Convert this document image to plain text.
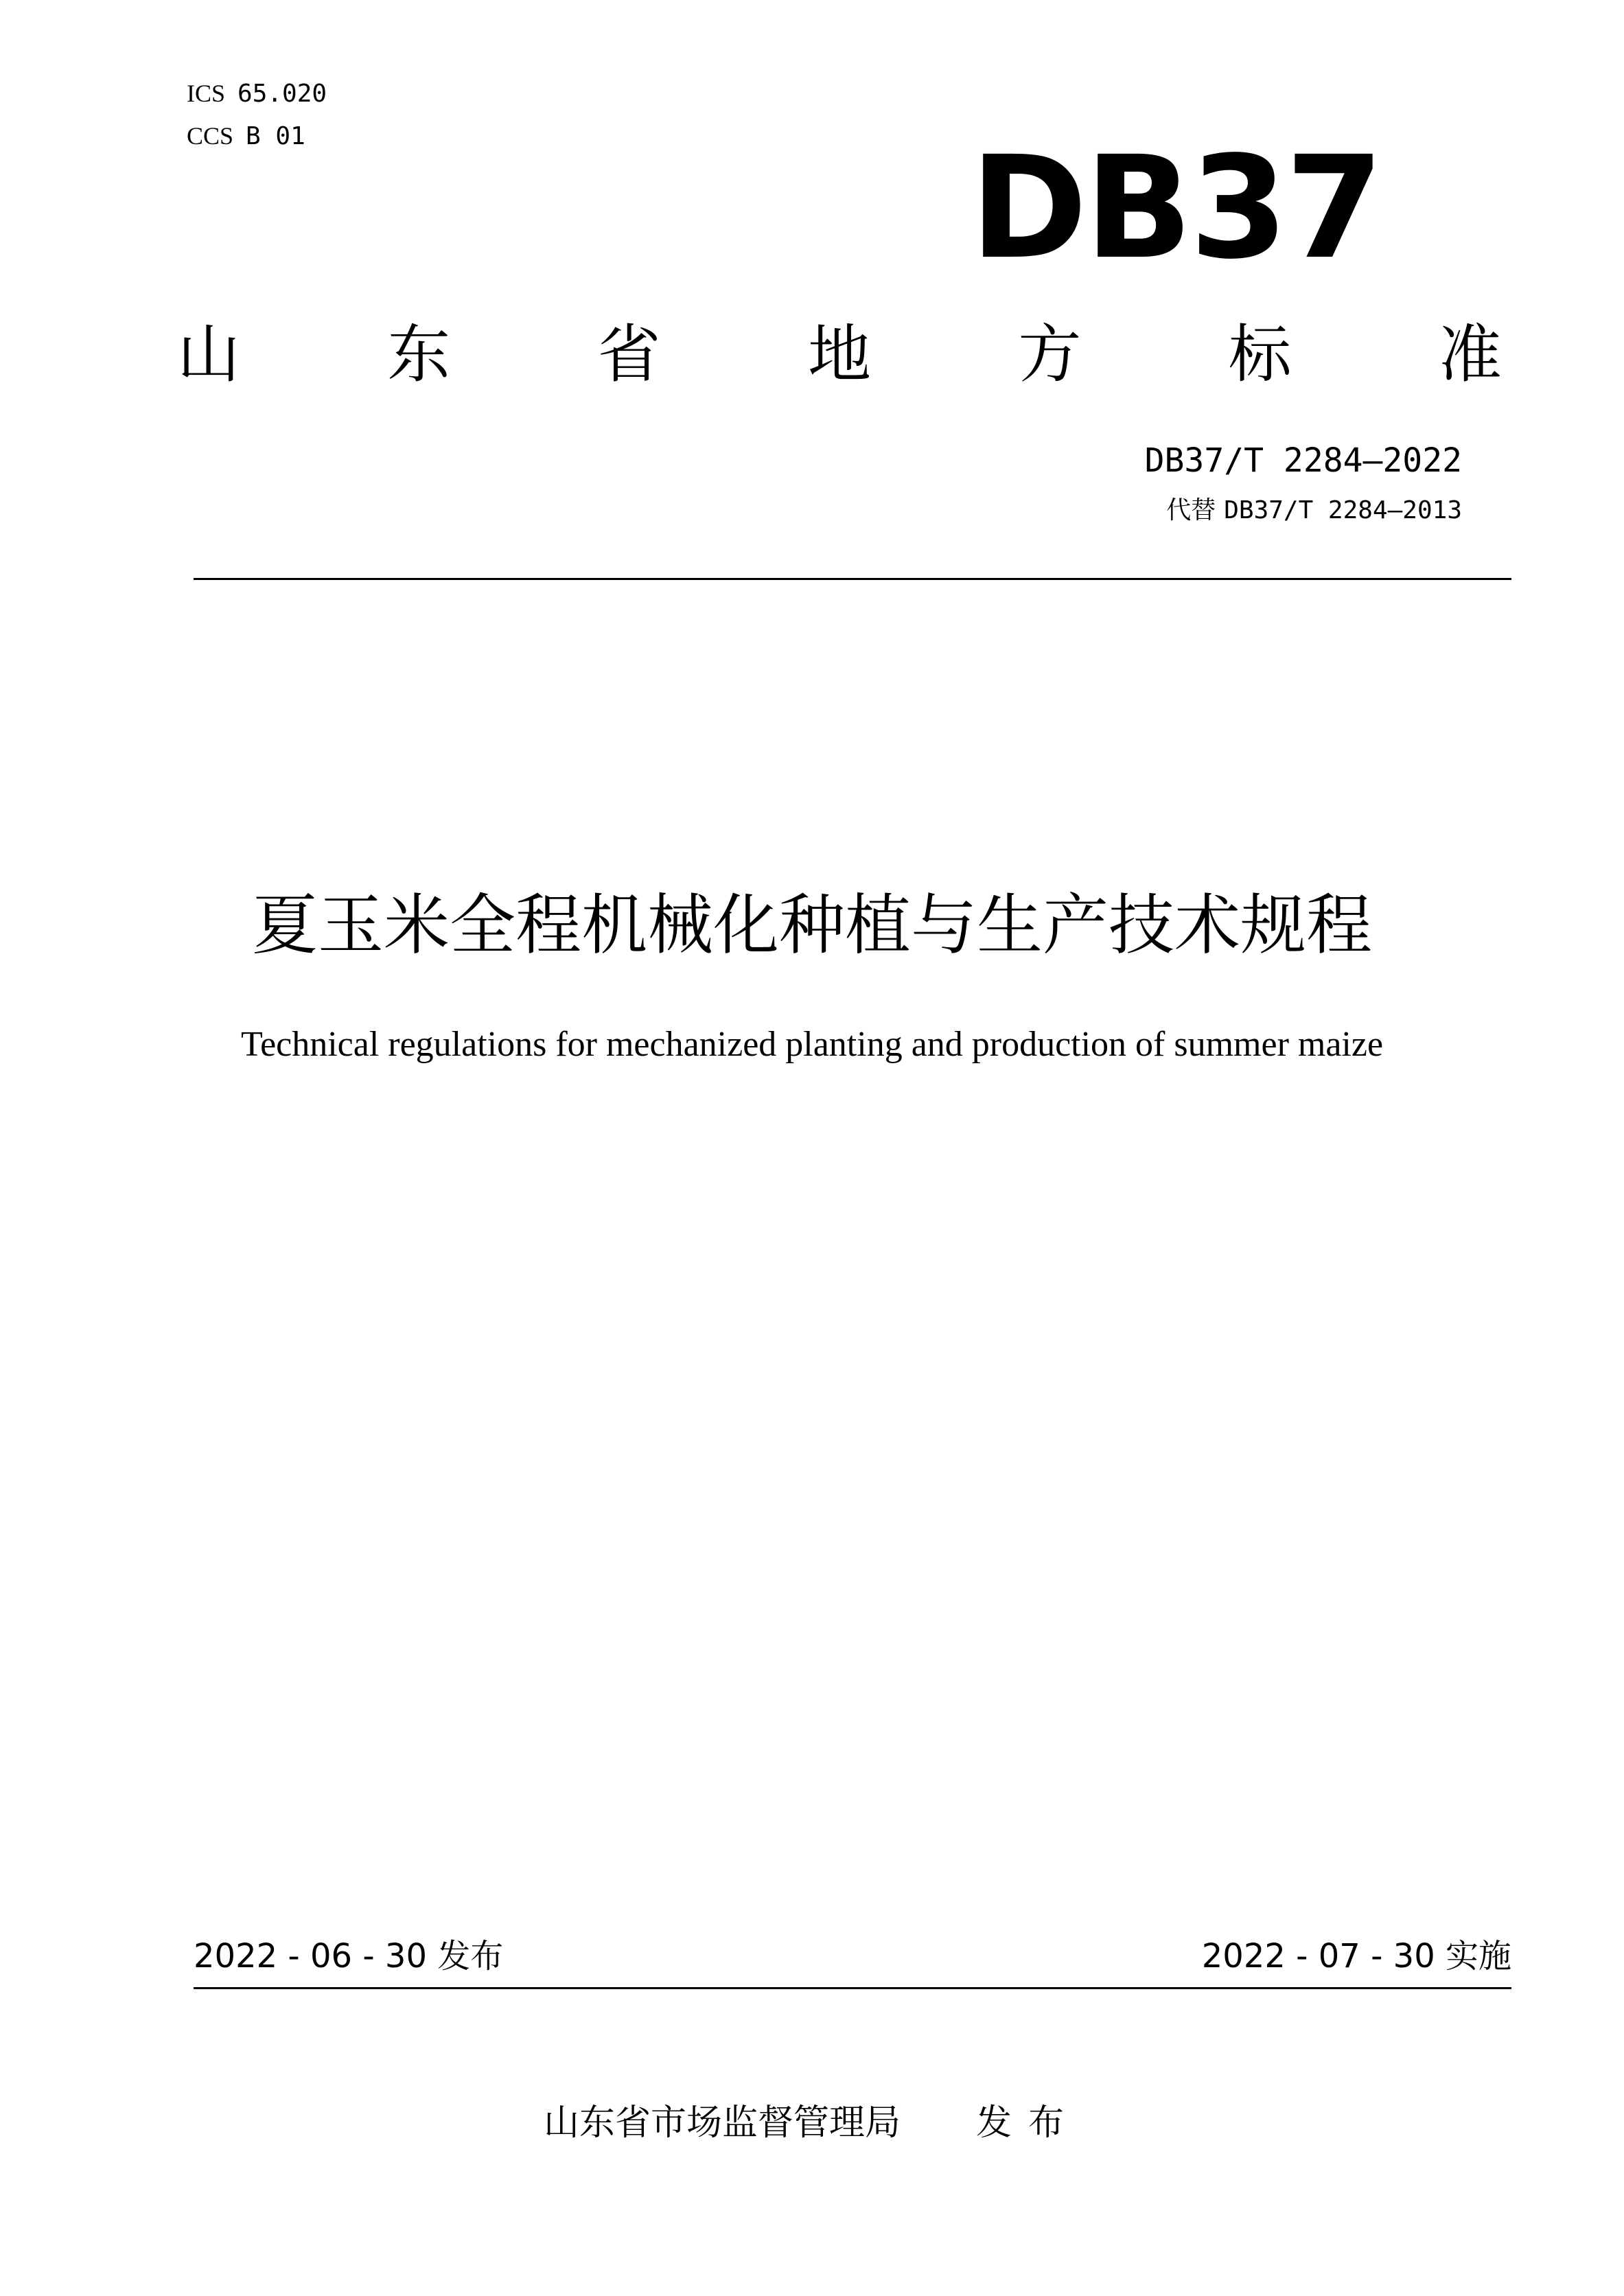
ICS 65.020
CCS B 01	DB37
山 东 省 地 方 标 准
DB37/T 2284—2022
代替 DB37/T 2284—2013
夏玉米全程机械化种植与生产技术规程
Technical regulations for mechanized planting and production of summer maize
2022 - 06 - 30 发布	2022 - 07 - 30 实施
山东省市场监督管理局 发布
